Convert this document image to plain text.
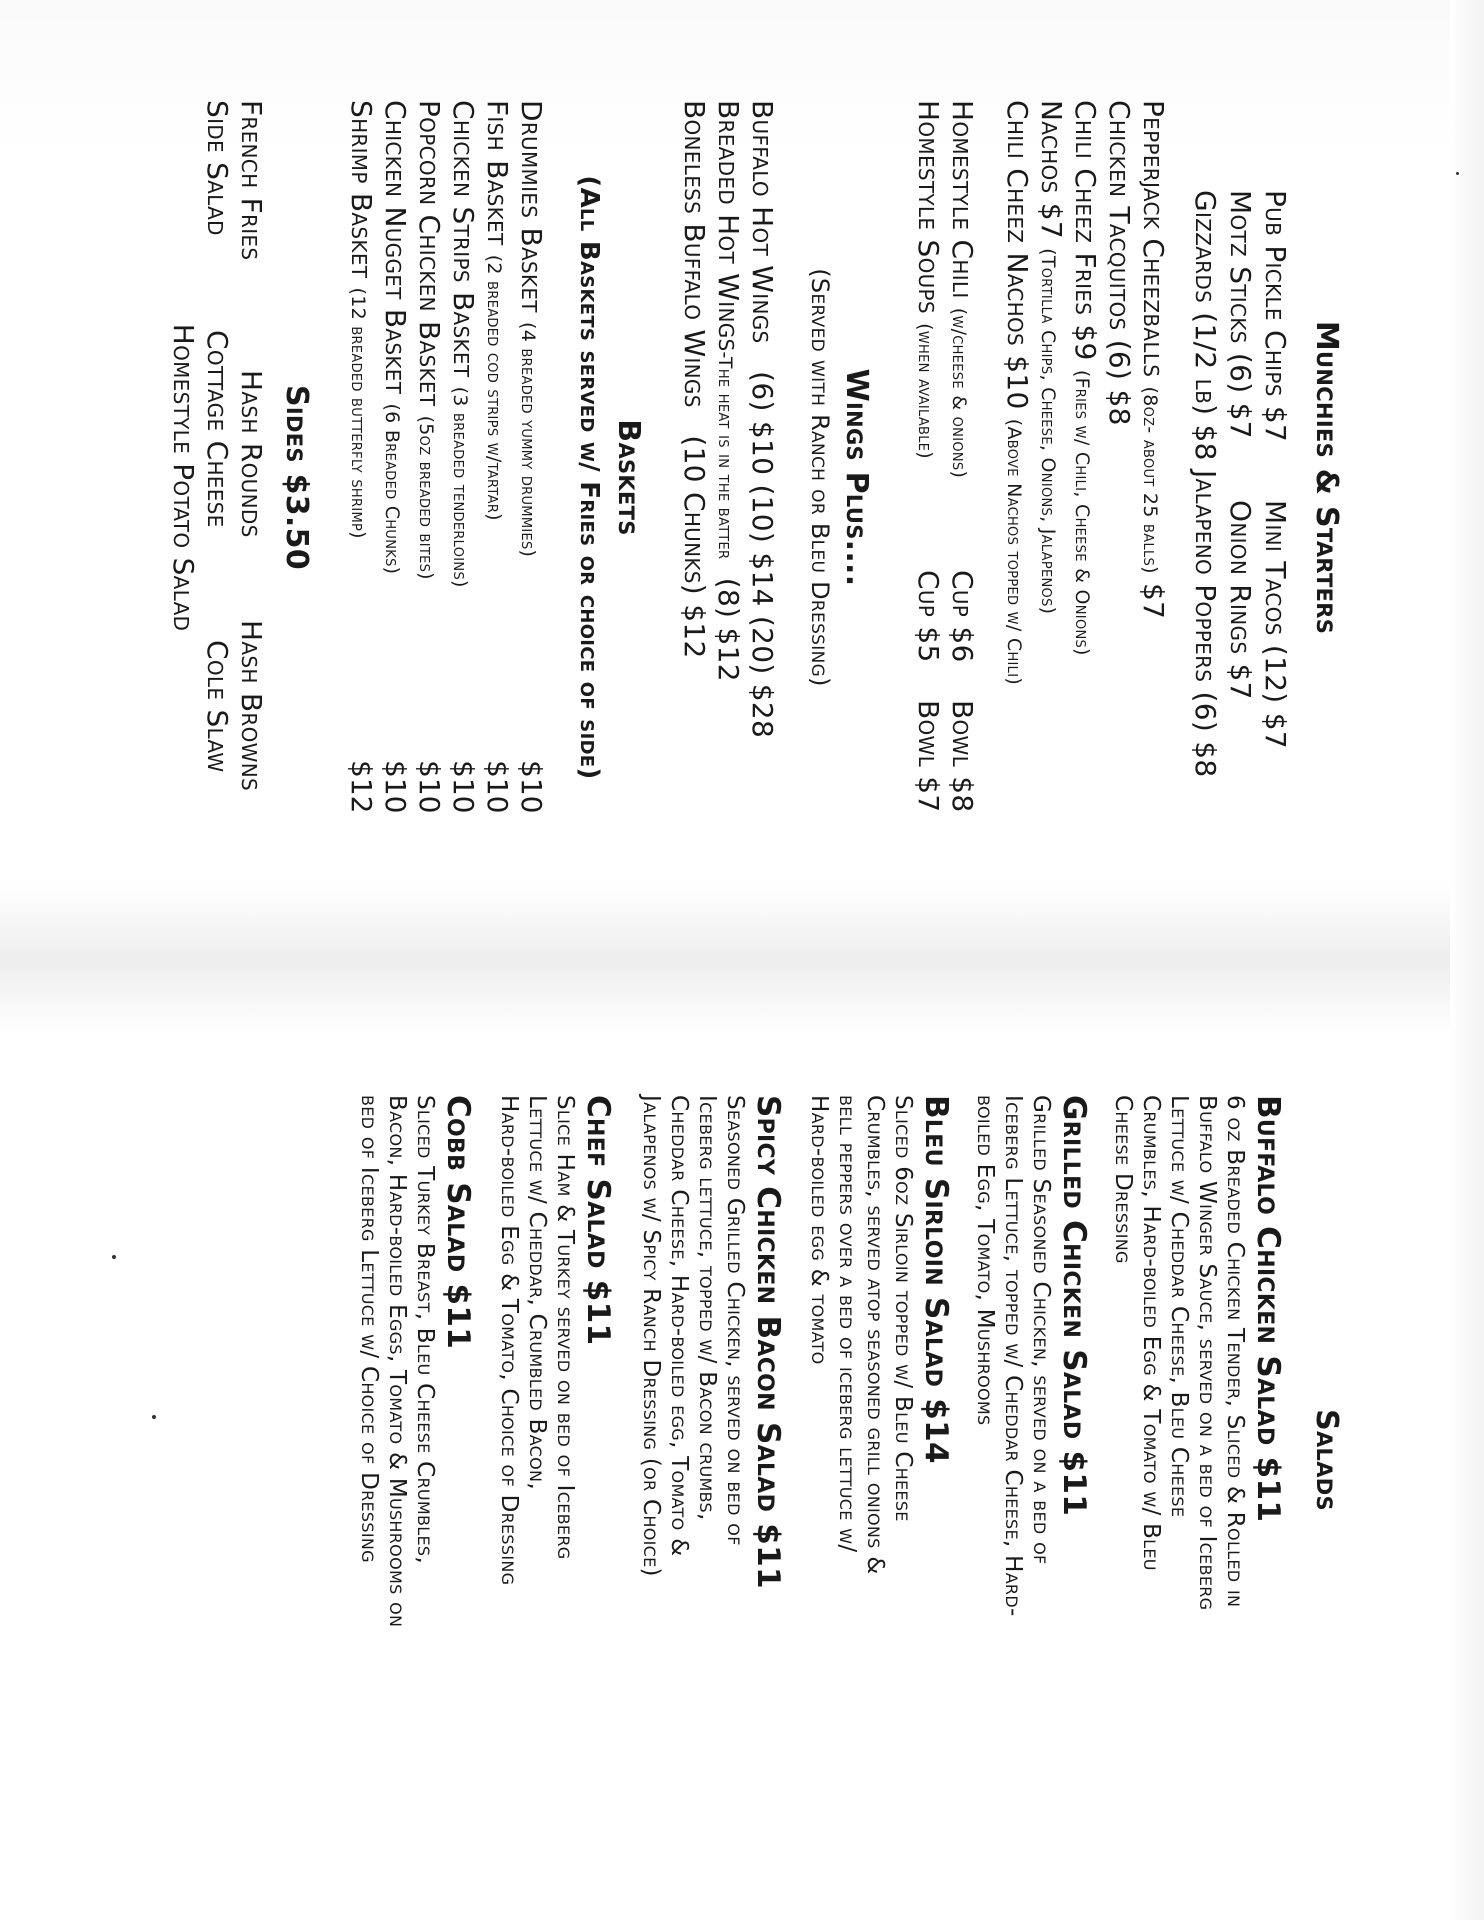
Munchies & Starters
Pub Pickle Chips $7
Mini Tacos (12) $7
Motz Sticks (6) $7
Onion Rings $7
Gizzards (1/2 lb) $8
Jalapeno Poppers (6) $8
Pepperjack Cheezballs (8oz- about 25 balls) $7
Chicken Tacquitos (6) $8
Chili Cheez Fries $9 (Fries w/ Chili, Cheese & Onions)
Nachos $7 (Tortilla Chips, Cheese, Onions, Jalapenos)
Chili Cheez Nachos $10 (Above Nachos topped w/ Chili)
Homestyle Chili (w/cheese & onions)
Cup $6
Bowl $8
Homestyle Soups (when available)
Cup $5
Bowl $7
Wings Plus....
(Served with Ranch or Bleu Dressing)
Buffalo Hot Wings   (6) $10 (10) $14 (20) $28
Breaded Hot Wings-The heat is in the batter  (8) $12
Boneless Buffalo Wings   (10 Chunks) $12
Baskets
(All Baskets served w/ Fries or choice of side)
Drummies Basket (4 breaded yummy drummies)
$10
Fish Basket (2 breaded cod strips w/tartar)
$10
Chicken Strips Basket (3 breaded tenderloins)
$10
Popcorn Chicken Basket (5oz breaded bites)
$10
Chicken Nugget Basket (6 Breaded Chunks)
$10
Shrimp Basket (12 breaded butterfly shrimp)
$12
Sides $3.50
French Fries
Hash Rounds
Hash Browns
Side Salad
Cottage Cheese
Cole Slaw
Homestyle Potato Salad
Salads
Buffalo Chicken Salad $11
6 oz Breaded Chicken Tender, Sliced & Rolled in
Buffalo Winger Sauce, served on a bed of Iceberg
Lettuce w/ Cheddar Cheese, Bleu Cheese
Crumbles, Hard-boiled Egg & Tomato w/ Bleu
Cheese Dressing
Grilled Chicken Salad $11
Grilled Seasoned Chicken, served on a bed of
Iceberg Lettuce, topped w/ Cheddar Cheese, Hard-
boiled Egg, Tomato, Mushrooms
Bleu Sirloin Salad $14
Sliced 6oz Sirloin topped w/ Bleu Cheese
Crumbles, served atop seasoned grill onions &
bell peppers over a bed of iceberg lettuce w/
Hard-boiled egg & tomato
Spicy Chicken Bacon Salad $11
Seasoned Grilled Chicken, served on bed of
Iceberg lettuce, topped w/ Bacon crumbs,
Cheddar Cheese, Hard-boiled egg, Tomato &
Jalapenos w/ Spicy Ranch Dressing (or Choice)
Chef Salad $11
Slice Ham & Turkey served on bed of Iceberg
Lettuce w/ Cheddar, Crumbled Bacon,
Hard-boiled Egg & Tomato, Choice of Dressing
Cobb Salad $11
Sliced Turkey Breast, Bleu Cheese Crumbles,
Bacon, Hard-boiled Eggs, Tomato & Mushrooms on
bed of Iceberg Lettuce w/ Choice of Dressing
